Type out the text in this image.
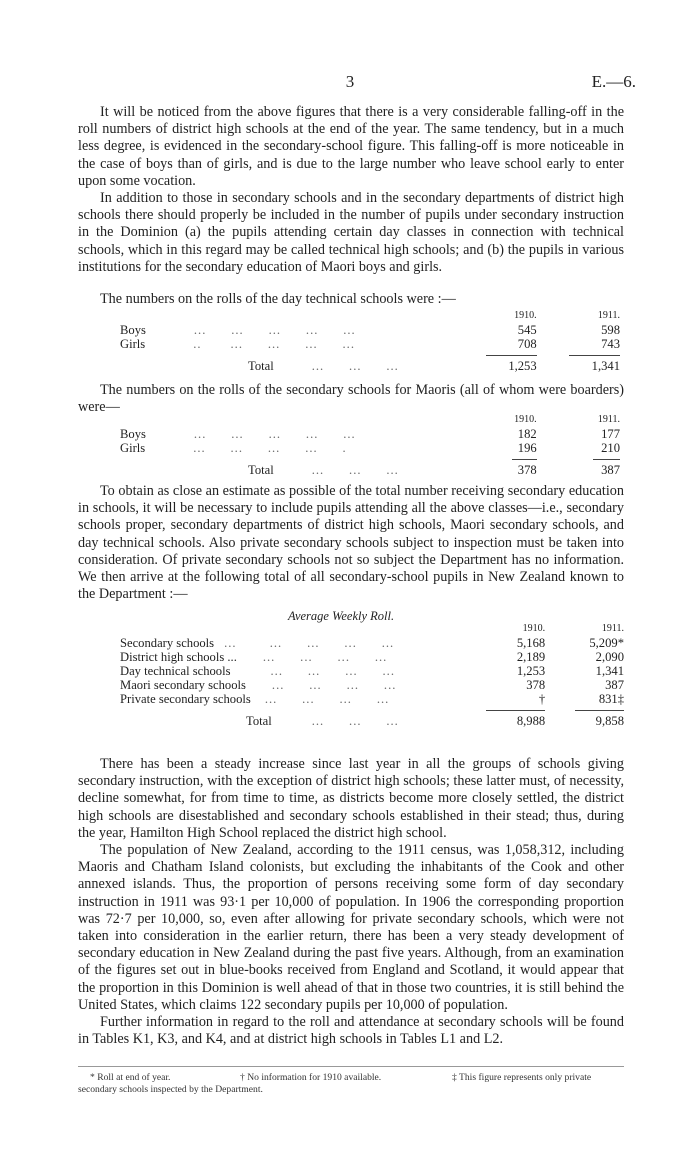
3	E.—6.

It will be noticed from the above figures that there is a very considerable falling-off in the roll numbers of district high schools at the end of the year. The same tendency, but in a much less degree, is evidenced in the secondary-school figure. This falling-off is more noticeable in the case of boys than of girls, and is due to the large number who leave school early to enter upon some vocation.

In addition to those in secondary schools and in the secondary departments of district high schools there should properly be included in the number of pupils under secondary instruction in the Dominion (a) the pupils attending certain day classes in connection with technical schools, which in this regard may be called technical high schools; and (b) the pupils in various institutions for the secondary education of Maori boys and girls.

The numbers on the rolls of the day technical schools were :—

	1910.	1911.
Boys ...      ...      ...      ...      ...	545	598
Girls ..       ...      ...      ...      ...	708	743

Total ...      ...      ...	1,253	1,341

The numbers on the rolls of the secondary schools for Maoris (all of whom were boarders) were—

	1910.	1911.
Boys ...      ...      ...      ...      ...	182	177
Girls ...      ...      ...      ...      .	196	210

Total ...      ...      ...	378	387

To obtain as close an estimate as possible of the total number receiving secondary education in schools, it will be necessary to include pupils attending all the above classes—i.e., secondary schools proper, secondary departments of district high schools, Maori secondary schools, and day technical schools. Also private secondary schools subject to inspection must be taken into consideration. Of private secondary schools not so subject the Department has no information. We then arrive at the following total of all secondary-school pupils in New Zealand known to the Department :—

Average Weekly Roll.
	1910.	1911.
Secondary schools ...        ...      ...      ...      ...	5,168	5,209*
District high schools ... ...      ...      ...      ...	2,189	2,090
Day technical schools ...      ...      ...      ...	1,253	1,341
Maori secondary schools ...      ...      ...      ...	378	387
Private secondary schools ...      ...      ...      ...	†	831‡

Total ...      ...      ...	8,988	9,858

There has been a steady increase since last year in all the groups of schools giving secondary instruction, with the exception of district high schools; these latter must, of necessity, decline somewhat, for from time to time, as districts become more closely settled, the district high schools are disestablished and secondary schools established in their stead; thus, during the year, Hamilton High School replaced the district high school.

The population of New Zealand, according to the 1911 census, was 1,058,312, including Maoris and Chatham Island colonists, but excluding the inhabitants of the Cook and other annexed islands. Thus, the proportion of persons receiving some form of day secondary instruction in 1911 was 93·1 per 10,000 of population. In 1906 the corresponding proportion was 72·7 per 10,000, so, even after allowing for private secondary schools, which were not taken into consideration in the earlier return, there has been a very steady development of secondary education in New Zealand during the past five years. Although, from an examination of the figures set out in blue-books received from England and Scotland, it would appear that the proportion in this Dominion is well ahead of that in those two countries, it is still behind the United States, which claims 122 secondary pupils per 10,000 of population.

Further information in regard to the roll and attendance at secondary schools will be found in Tables K1, K3, and K4, and at district high schools in Tables L1 and L2.

* Roll at end of year.	† No information for 1910 available.	‡ This figure represents only private
secondary schools inspected by the Department.
